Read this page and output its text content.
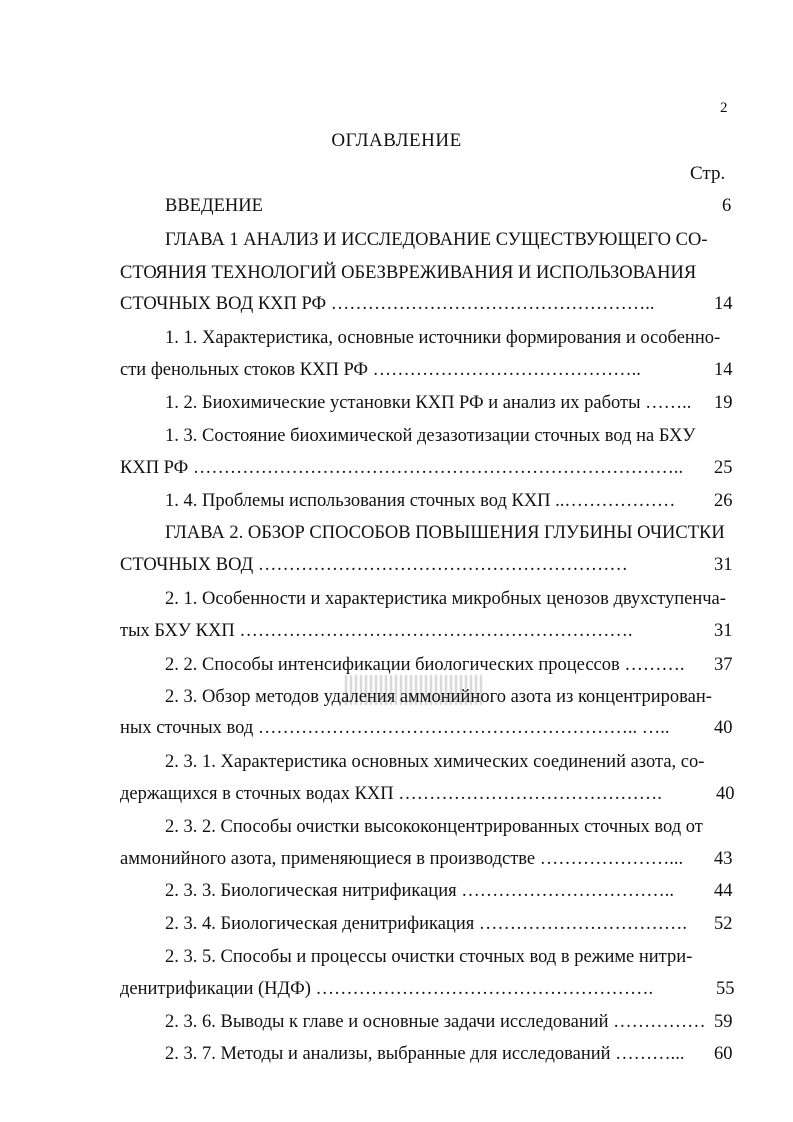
2
ОГЛАВЛЕНИЕ
Стр.
ВВЕДЕНИЕ	6
ГЛАВА 1 АНАЛИЗ И ИССЛЕДОВАНИЕ СУЩЕСТВУЮЩЕГО СО-
СТОЯНИЯ ТЕХНОЛОГИЙ ОБЕЗВРЕЖИВАНИЯ И ИСПОЛЬЗОВАНИЯ
СТОЧНЫХ ВОД КХП РФ ……………………………………………..	14
1. 1. Характеристика, основные источники формирования и особенно-
сти фенольных стоков КХП РФ ……………………………………..	14
1. 2. Биохимические установки КХП РФ и анализ их работы …….. 19
1. 3. Состояние биохимической дезазотизации сточных вод на БХУ
КХП РФ …………………………………………………………………….. 25
1. 4. Проблемы использования сточных вод КХП ..……………… 26
ГЛАВА 2. ОБЗОР СПОСОБОВ ПОВЫШЕНИЯ ГЛУБИНЫ ОЧИСТКИ
СТОЧНЫХ ВОД ……………………………………………………	31
2. 1. Особенности и характеристика микробных ценозов двухступенча-
тых БХУ КХП ……………………………………………………….	31
2. 2. Способы интенсификации биологических процессов ………. 37
2. 3. Обзор методов удаления аммонийного азота из концентрирован-
ных сточных вод …………………………………………………….. ….. 40
2. 3. 1. Характеристика основных химических соединений азота, со-
держащихся в сточных водах КХП …………………………………….	40
2. 3. 2. Способы очистки высококонцентрированных сточных вод от
аммонийного азота, применяющиеся в производстве …………………... 43
2. 3. 3. Биологическая нитрификация …………………………….. 44
2. 3. 4. Биологическая денитрификация ……………………………. 52
2. 3. 5. Способы и процессы очистки сточных вод в режиме нитри-
денитрификации (НДФ) ……………………………………………….	55
2. 3. 6. Выводы к главе и основные задачи исследований …………… 59
2. 3. 7. Методы и анализы, выбранные для исследований ………... 60
